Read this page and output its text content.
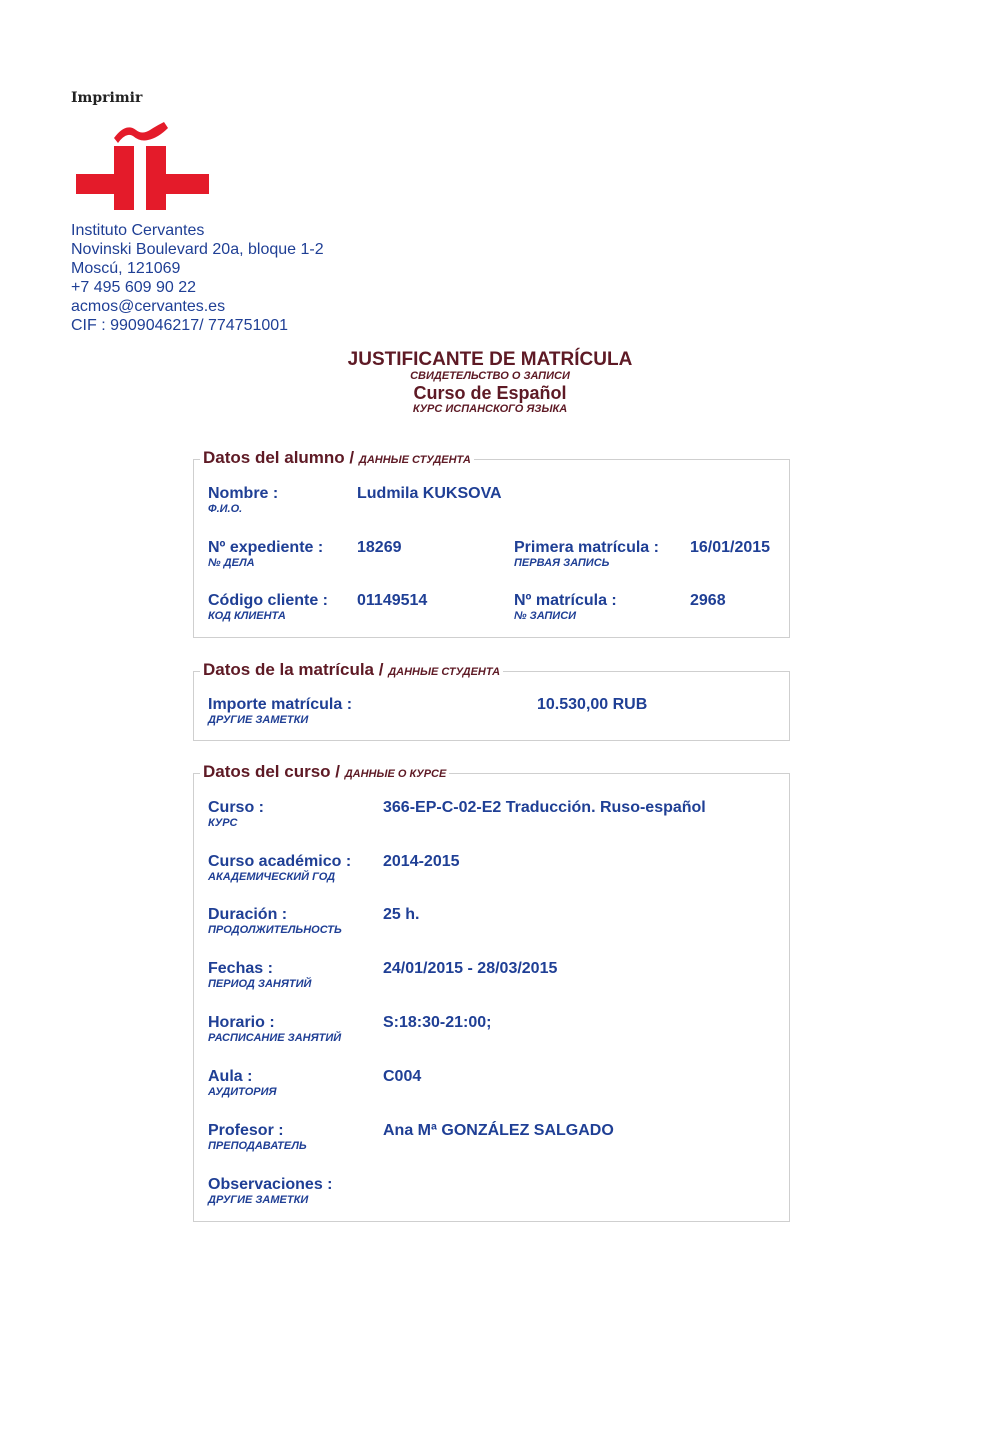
Imprimir
Instituto Cervantes
Novinski Boulevard 20a, bloque 1-2
Moscú, 121069
+7 495 609 90 22
acmos@cervantes.es
CIF : 9909046217/ 774751001
JUSTIFICANTE DE MATRÍCULA
СВИДЕТЕЛЬСТВО О ЗАПИСИ
Curso de Español
КУРС ИСПАНСКОГО ЯЗЫКА
Datos del alumno / ДАННЫЕ СТУДЕНТА
Nombre :
Ф.И.О.
Ludmila KUKSOVA
Nº expediente :
№ ДЕЛА
18269	Primera matrícula :
ПЕРВАЯ ЗАПИСЬ
16/01/2015
Código cliente :
КОД КЛИЕНТА
01149514	Nº matrícula :
№ ЗАПИСИ
2968
Datos de la matrícula / ДАННЫЕ СТУДЕНТА
Importe matrícula :
ДРУГИЕ ЗАМЕТКИ
10.530,00 RUB
Datos del curso / ДАННЫЕ О КУРСЕ
Curso :
КУРС
366-EP-C-02-E2 Traducción. Ruso-español
Curso académico :
АКАДЕМИЧЕСКИЙ ГОД
2014-2015
Duración :
ПРОДОЛЖИТЕЛЬНОСТЬ
25 h.
Fechas :
ПЕРИОД ЗАНЯТИЙ
24/01/2015 - 28/03/2015
Horario :
РАСПИСАНИЕ ЗАНЯТИЙ
S:18:30-21:00;
Aula :
АУДИТОРИЯ
C004
Profesor :
ПРЕПОДАВАТЕЛЬ
Ana Mª GONZÁLEZ SALGADO
Observaciones :
ДРУГИЕ ЗАМЕТКИ
